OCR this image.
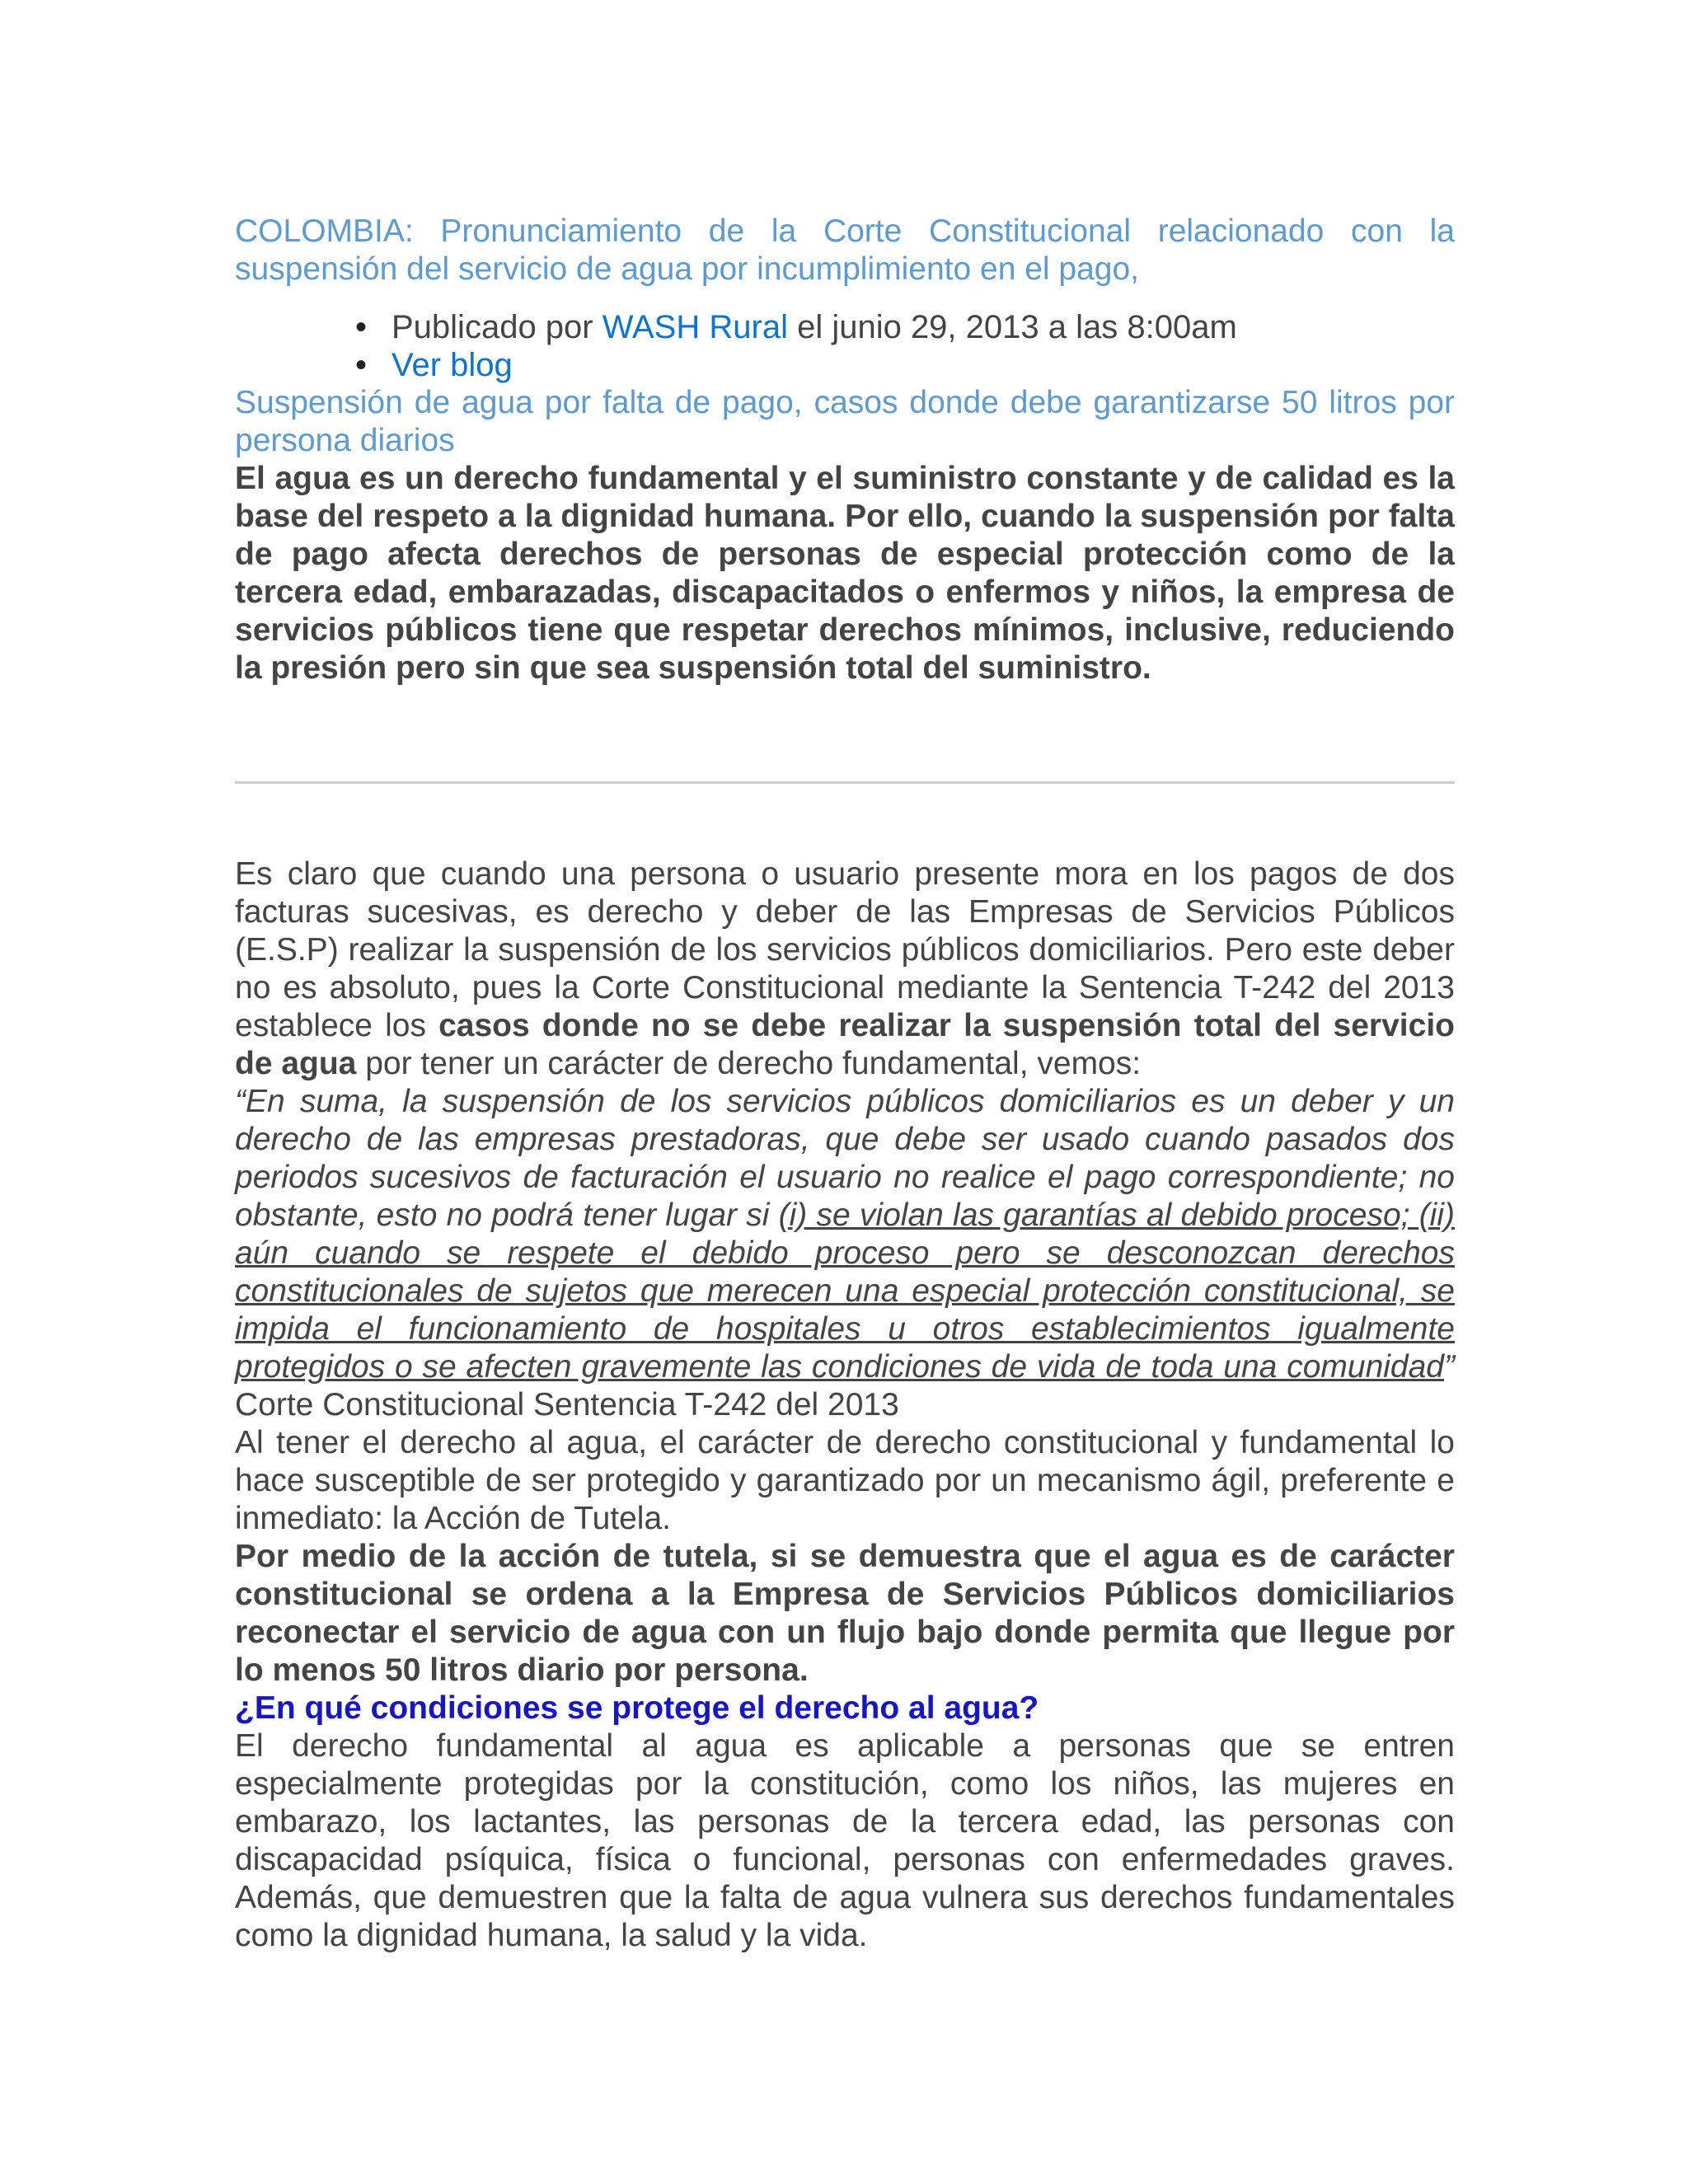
COLOMBIA: Pronunciamiento de la Corte Constitucional relacionado con la suspensión del servicio de agua por incumplimiento en el pago,

• Publicado por WASH Rural el junio 29, 2013 a las 8:00am
• Ver blog

Suspensión de agua por falta de pago, casos donde debe garantizarse 50 litros por persona diarios

El agua es un derecho fundamental y el suministro constante y de calidad es la base del respeto a la dignidad humana. Por ello, cuando la suspensión por falta de pago afecta derechos de personas de especial protección como de la tercera edad, embarazadas, discapacitados o enfermos y niños, la empresa de servicios públicos tiene que respetar derechos mínimos, inclusive, reduciendo la presión pero sin que sea suspensión total del suministro.

Es claro que cuando una persona o usuario presente mora en los pagos de dos facturas sucesivas, es derecho y deber de las Empresas de Servicios Públicos (E.S.P) realizar la suspensión de los servicios públicos domiciliarios. Pero este deber no es absoluto, pues la Corte Constitucional mediante la Sentencia T-242 del 2013 establece los casos donde no se debe realizar la suspensión total del servicio de agua por tener un carácter de derecho fundamental, vemos:

“En suma, la suspensión de los servicios públicos domiciliarios es un deber y un derecho de las empresas prestadoras, que debe ser usado cuando pasados dos periodos sucesivos de facturación el usuario no realice el pago correspondiente; no obstante, esto no podrá tener lugar si (i) se violan las garantías al debido proceso; (ii) aún cuando se respete el debido proceso pero se desconozcan derechos constitucionales de sujetos que merecen una especial protección constitucional, se impida el funcionamiento de hospitales u otros establecimientos igualmente protegidos o se afecten gravemente las condiciones de vida de toda una comunidad” Corte Constitucional Sentencia T-242 del 2013

Al tener el derecho al agua, el carácter de derecho constitucional y fundamental lo hace susceptible de ser protegido y garantizado por un mecanismo ágil, preferente e inmediato: la Acción de Tutela.

Por medio de la acción de tutela, si se demuestra que el agua es de carácter constitucional se ordena a la Empresa de Servicios Públicos domiciliarios reconectar el servicio de agua con un flujo bajo donde permita que llegue por lo menos 50 litros diario por persona.

¿En qué condiciones se protege el derecho al agua?

El derecho fundamental al agua es aplicable a personas que se entren especialmente protegidas por la constitución, como los niños, las mujeres en embarazo, los lactantes, las personas de la tercera edad, las personas con discapacidad psíquica, física o funcional, personas con enfermedades graves. Además, que demuestren que la falta de agua vulnera sus derechos fundamentales como la dignidad humana, la salud y la vida.
